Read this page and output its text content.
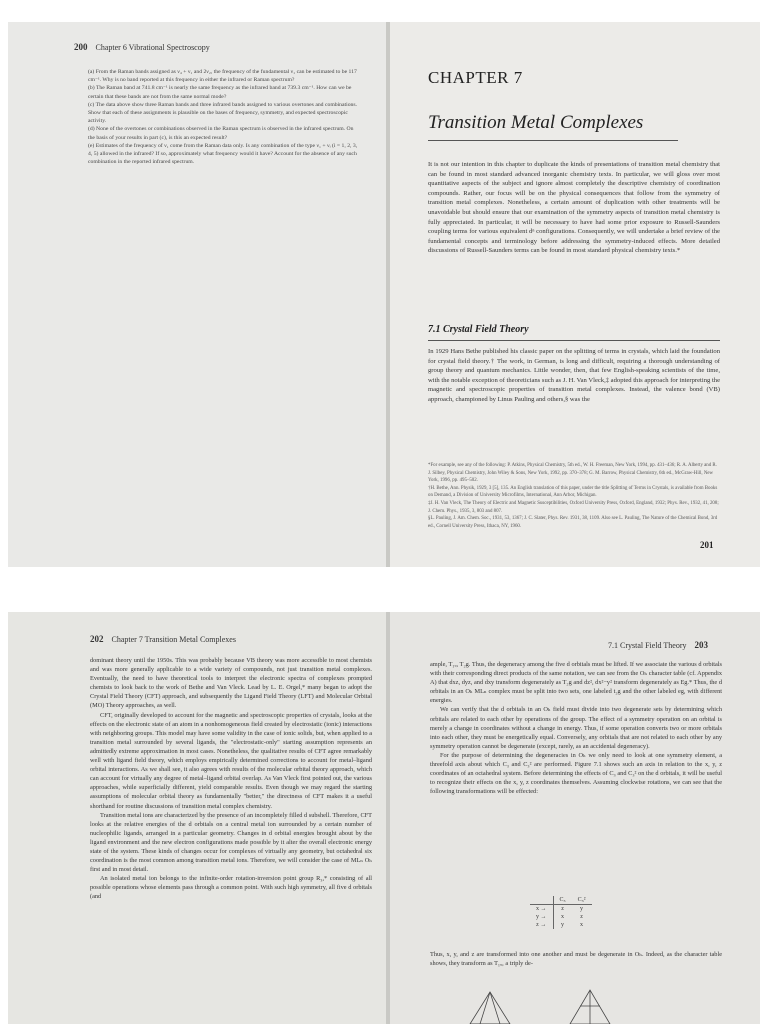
200 Chapter 6 Vibrational Spectroscopy

(a) From the Raman bands assigned as ν₄ + ν₁ and 2ν₂, the frequency of the fundamental ν₁ can be estimated to be 117 cm⁻¹. Why is no band reported at this frequency in either the infrared or Raman spectrum?

(b) The Raman band at 741.8 cm⁻¹ is nearly the same frequency as the infrared band at 739.3 cm⁻¹. How can we be certain that these bands are not from the same normal mode?

(c) The data above show three Raman bands and three infrared bands assigned to various overtones and combinations. Show that each of these assignments is plausible on the bases of frequency, symmetry, and expected spectroscopic activity.

(d) None of the overtones or combinations observed in the Raman spectrum is observed in the infrared spectrum. On the basis of your results in part (c), is this an expected result?

(e) Estimates of the frequency of ν₁ come from the Raman data only. Is any combination of the type ν₁ + νᵢ (i = 1, 2, 3, 4, 5) allowed in the infrared? If so, approximately what frequency would it have? Account for the absence of any such combination in the reported infrared spectrum.

CHAPTER 7
Transition Metal Complexes
It is not our intention in this chapter to duplicate the kinds of presentations of transition metal chemistry that can be found in most standard advanced inorganic chemistry texts. In particular, we will gloss over most quantitative aspects of the subject and ignore almost completely the descriptive chemistry of coordination compounds. Rather, our focus will be on the physical consequences that follow from the symmetry of transition metal complexes. Nonetheless, a certain amount of duplication with other treatments will be unavoidable but should ensure that our examination of the symmetry aspects of transition metal chemistry is fully appreciated. In particular, it will be necessary to have had some prior exposure to Russell-Saunders coupling terms for various equivalent dⁿ configurations. Consequently, we will undertake a brief review of the fundamental concepts and terminology before addressing the symmetry-induced effects. More detailed discussions of Russell-Saunders terms can be found in most standard physical chemistry texts.*
7.1 Crystal Field Theory
In 1929 Hans Bethe published his classic paper on the splitting of terms in crystals, which laid the foundation for crystal field theory.† The work, in German, is long and difficult, requiring a thorough understanding of group theory and quantum mechanics. Little wonder, then, that few English-speaking scientists of the time, with the notable exception of theoreticians such as J. H. Van Vleck,‡ adopted this approach for interpreting the magnetic and spectroscopic properties of transition metal complexes. Instead, the valence bond (VB) approach, championed by Linus Pauling and others,§ was the

*For example, see any of the following: P. Atkins, Physical Chemistry, 5th ed., W. H. Freeman, New York, 1994, pp. 431–436; R. A. Alberty and R. J. Silbey, Physical Chemistry, John Wiley & Sons, New York, 1992, pp. 370–378; G. M. Barrow, Physical Chemistry, 6th ed., McGraw-Hill, New York, 1996, pp. 495–502.

†H. Bethe, Ann. Physik, 1929, 3 [5], 135. An English translation of this paper, under the title Splitting of Terms in Crystals, is available from Books on Demand, a Division of University Microfilms, International, Ann Arbor, Michigan.

‡J. H. Van Vleck, The Theory of Electric and Magnetic Susceptibilities, Oxford University Press, Oxford, England, 1932; Phys. Rev., 1932, 41, 208; J. Chem. Phys., 1935, 3, 803 and 807.

§L. Pauling, J. Am. Chem. Soc., 1931, 53, 1367; J. C. Slater, Phys. Rev. 1931, 38, 1109. Also see L. Pauling, The Nature of the Chemical Bond, 3rd ed., Cornell University Press, Ithaca, NY, 1960.

201
202 Chapter 7 Transition Metal Complexes

dominant theory until the 1950s. This was probably because VB theory was more accessible to most chemists and was more generally applicable to a wide variety of compounds, not just transition metal complexes. Eventually, the need to have theoretical tools to interpret the electronic spectra of complexes prompted chemists to look back to the work of Bethe and Van Vleck. Lead by L. E. Orgel,* many began to adopt the Crystal Field Theory (CFT) approach, and subsequently the Ligand Field Theory (LFT) and Molecular Orbital (MO) Theory approaches, as well.

CFT, originally developed to account for the magnetic and spectroscopic properties of crystals, looks at the effects on the electronic state of an atom in a nonhomogeneous field created by electrostatic (ionic) interactions with neighboring groups. This model may have some validity in the case of ionic solids, but, when applied to a transition metal surrounded by several ligands, the "electrostatic-only" starting assumption represents an admittedly extreme approximation in most cases. Nonetheless, the qualitative results of CFT agree remarkably well with ligand field theory, which employs empirically determined corrections to account for metal–ligand orbital interactions. As we shall see, it also agrees with results of the molecular orbital theory approach, which can account for virtually any degree of metal–ligand orbital overlap. As Van Vleck first pointed out, the various approaches, while superficially different, yield comparable results. Even though we may regard the starting assumptions of molecular orbital theory as fundamentally "better," the directness of CFT makes it a useful shorthand for routine discussions of transition metal complex chemistry.

Transition metal ions are characterized by the presence of an incompletely filled d subshell. Therefore, CFT looks at the relative energies of the d orbitals on a central metal ion surrounded by a certain number of nucleophilic ligands, arranged in a particular geometry. Changes in d orbital energies brought about by the ligand environment and the new electron configurations made possible by it alter the overall electronic energy state of the system. These kinds of changes occur for complexes of virtually any geometry, but octahedral six coordination is the most common among transition metal ions. Therefore, we will consider the case of MLₙ Oₕ first and in most detail.

An isolated metal ion belongs to the infinite-order rotation-inversion point group R₃,* consisting of all possible operations whose elements pass through a common point. With such high symmetry, all five d orbitals (and

7.1 Crystal Field Theory 203

ample, T₁ᵤ, T₂g. Thus, the degeneracy among the five d orbitals must be lifted. If we associate the various d orbitals with their corresponding direct products of the same notation, we can see from the Oₕ character table (cf. Appendix A) that dxz, dyz, and dxy transform degenerately as T₂g and dz², dx²−y² transform degenerately as Eg.* Thus, the d orbitals in an Oₕ MLₙ complex must be split into two sets, one labeled t₂g and the other labeled eg, with different energies.

We can verify that the d orbitals in an Oₕ field must divide into two degenerate sets by determining which orbitals are related to each other by operations of the group. The effect of a symmetry operation on an orbital is merely a change in coordinates without a change in energy. Thus, if some operation converts two or more orbitals into each other, they must be energetically equal. Conversely, any orbitals that are not related to each other by any symmetry operation cannot be degenerate (except, rarely, as an accidental degeneracy).

For the purpose of determining the degeneracies in Oₕ we only need to look at one symmetry element, a threefold axis about which C₃ and C₃² are performed. Figure 7.1 shows such an axis in relation to the x, y, z coordinates of an octahedral system. Before determining the effects of C₃ and C₃² on the d orbitals, it will be useful to recognize their effects on the x, y, z coordinates themselves. Assuming clockwise rotations, we can see that the following transformations will be effected:

	C₃	C₃²
x →	z	y
y →	x	z
z →	y	x
Thus, x, y, and z are transformed into one another and must be degenerate in Oₕ. Indeed, as the character table shows, they transform as T₁ᵤ, a triply de-
